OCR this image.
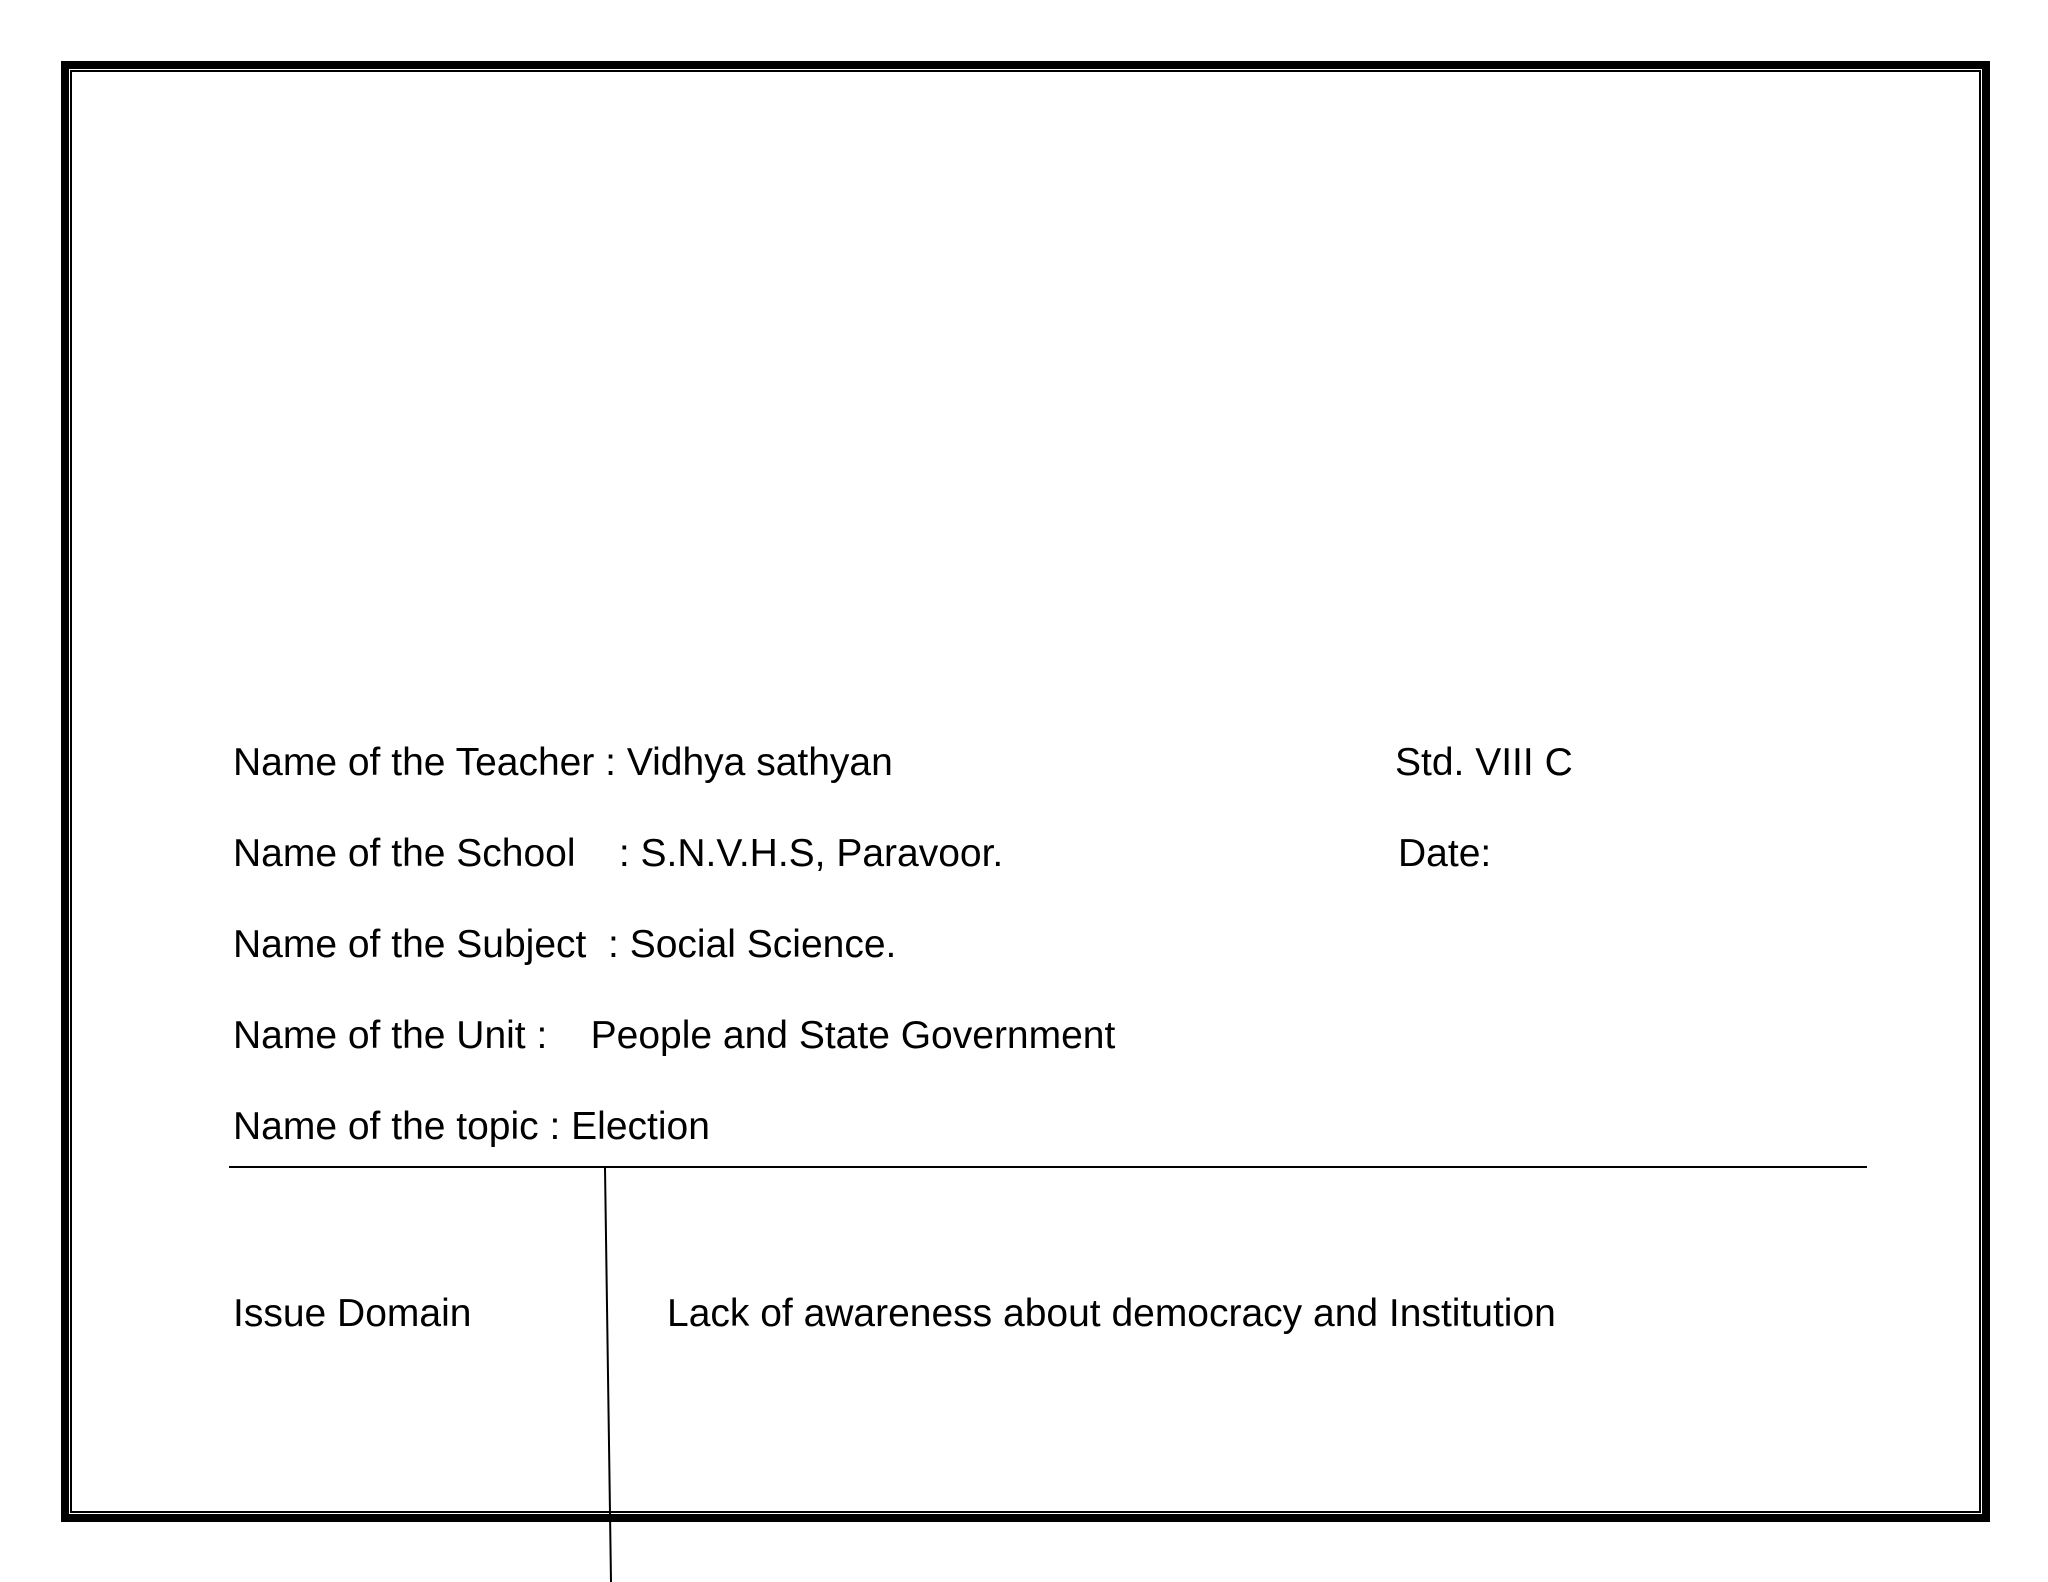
Name of the Teacher : Vidhya sathyan	Std. VIII C
Name of the School    : S.N.V.H.S, Paravoor.	Date:
Name of the Subject  : Social Science.
Name of the Unit :    People and State Government
Name of the topic : Election
Issue Domain	Lack of awareness about democracy and Institution
